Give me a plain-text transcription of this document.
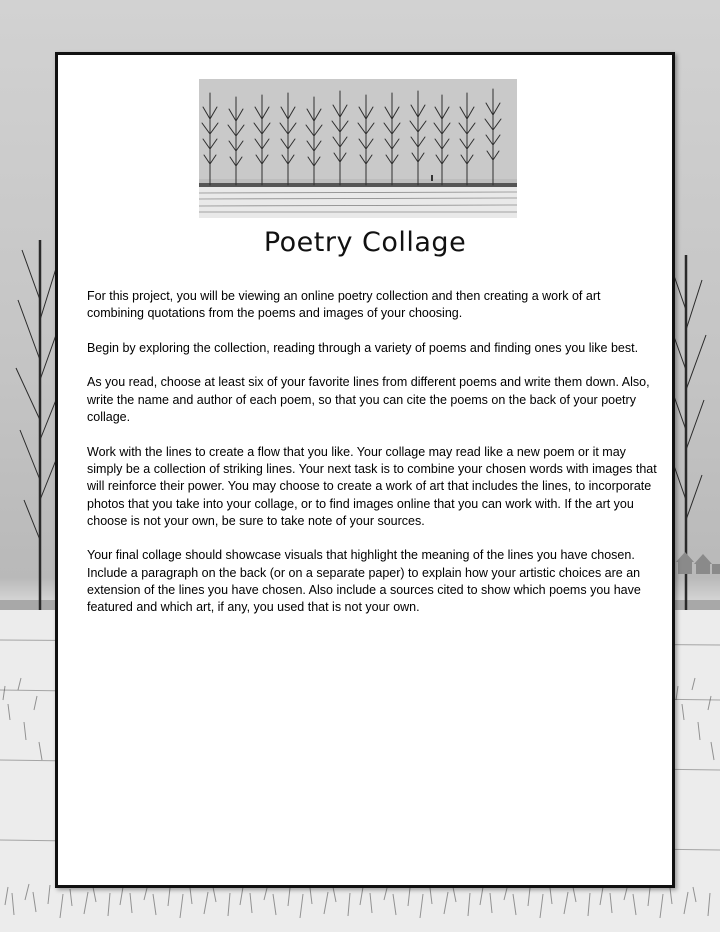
Poetry Collage

For this project, you will be viewing an online poetry collection and then creating a work of art combining quotations from the poems and images of your choosing.

Begin by exploring the collection, reading through a variety of poems and finding ones you like best.

As you read, choose at least six of your favorite lines from different poems and write them down. Also, write the name and author of each poem, so that you can cite the poems on the back of your poetry collage.

Work with the lines to create a flow that you like. Your collage may read like a new poem or it may simply be a collection of striking lines. Your next task is to combine your chosen words with images that will reinforce their power. You may choose to create a work of art that includes the lines, to incorporate photos that you take into your collage, or to find images online that you can work with. If the art you choose is not your own, be sure to take note of your sources.

Your final collage should showcase visuals that highlight the meaning of the lines you have chosen. Include a paragraph on the back (or on a separate paper) to explain how your artistic choices are an extension of the lines you have chosen. Also include a sources cited to show which poems you have featured and which art, if any, you used that is not your own.
